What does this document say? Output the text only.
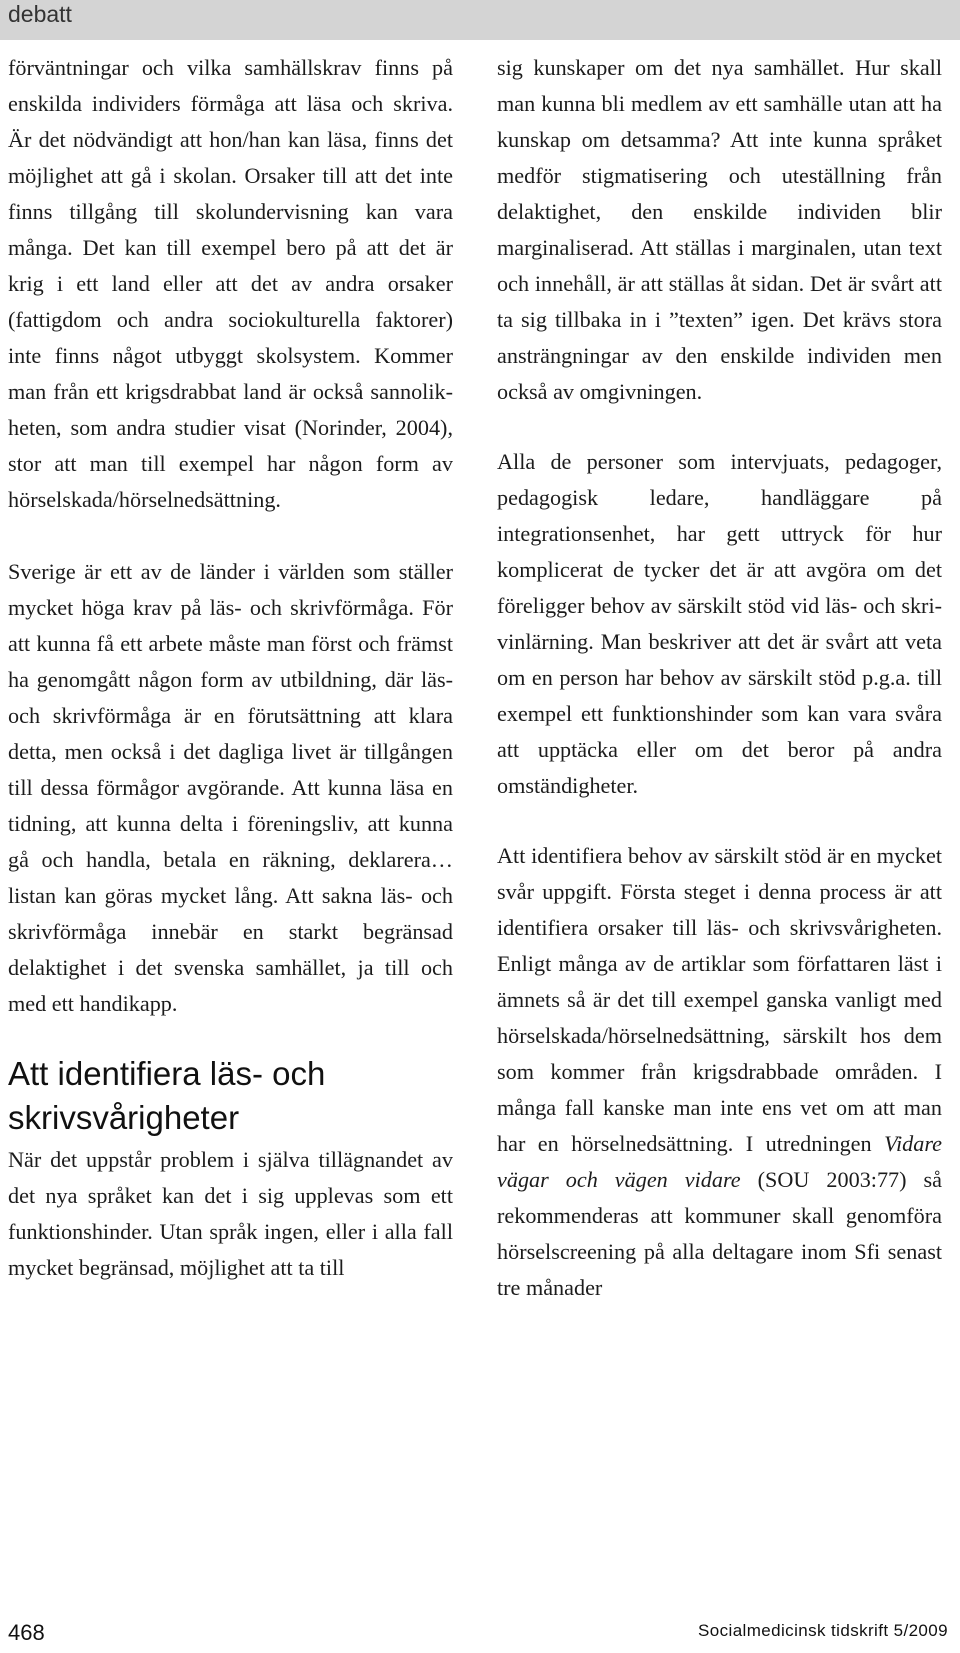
debatt

förväntningar och vilka samhällskrav finns på enskilda individers förmåga att läsa och skriva. Är det nödvändigt att hon/han kan läsa, finns det möjlighet att gå i skolan. Orsaker till att det inte finns tillgång till skolundervisning kan vara många. Det kan till exempel bero på att det är krig i ett land eller att det av andra orsaker (fattigdom och andra sociokulturella faktorer) inte finns något utbyggt skolsystem. Kommer man från ett krigsdrabbat land är också sannolikheten, som andra studier visat (Norinder, 2004), stor att man till exempel har någon form av hörselskada/hörselnedsättning.

Sverige är ett av de länder i världen som ställer mycket höga krav på läs- och skrivförmåga. För att kunna få ett arbete måste man först och främst ha genomgått någon form av utbildning, där läs- och skrivförmåga är en förutsättning att klara detta, men också i det dagliga livet är tillgången till dessa förmågor avgörande. Att kunna läsa en tidning, att kunna delta i föreningsliv, att kunna gå och handla, betala en räkning, deklarera… listan kan göras mycket lång. Att sakna läs- och skrivförmåga innebär en starkt begränsad delaktighet i det svenska samhället, ja till och med ett handikapp.

Att identifiera läs- och skrivsvårigheter

När det uppstår problem i själva tillägnandet av det nya språket kan det i sig upplevas som ett funktionshinder. Utan språk ingen, eller i alla fall mycket begränsad, möjlighet att ta till

sig kunskaper om det nya samhället. Hur skall man kunna bli medlem av ett samhälle utan att ha kunskap om detsamma? Att inte kunna språket medför stigmatisering och uteställning från delaktighet, den enskilde individen blir marginaliserad. Att ställas i marginalen, utan text och innehåll, är att ställas åt sidan. Det är svårt att ta sig tillbaka in i ”texten” igen. Det krävs stora ansträngningar av den enskilde individen men också av omgivningen.

Alla de personer som intervjuats, pedagoger, pedagogisk ledare, handläggare på integrationsenhet, har gett uttryck för hur komplicerat de tycker det är att avgöra om det föreligger behov av särskilt stöd vid läs- och skrivinlärning. Man beskriver att det är svårt att veta om en person har behov av särskilt stöd p.g.a. till exempel ett funktionshinder som kan vara svåra att upptäcka eller om det beror på andra omständigheter.

Att identifiera behov av särskilt stöd är en mycket svår uppgift. Första steget i denna process är att identifiera orsaker till läs- och skrivsvårigheten. Enligt många av de artiklar som författaren läst i ämnets så är det till exempel ganska vanligt med hörselskada/hörselnedsättning, särskilt hos dem som kommer från krigsdrabbade områden. I många fall kanske man inte ens vet om att man har en hörselnedsättning. I utredningen Vidare vägar och vägen vidare (SOU 2003:77) så rekommenderas att kommuner skall genomföra hörselscreening på alla deltagare inom Sfi senast tre månader

468	Socialmedicinsk tidskrift 5/2009
